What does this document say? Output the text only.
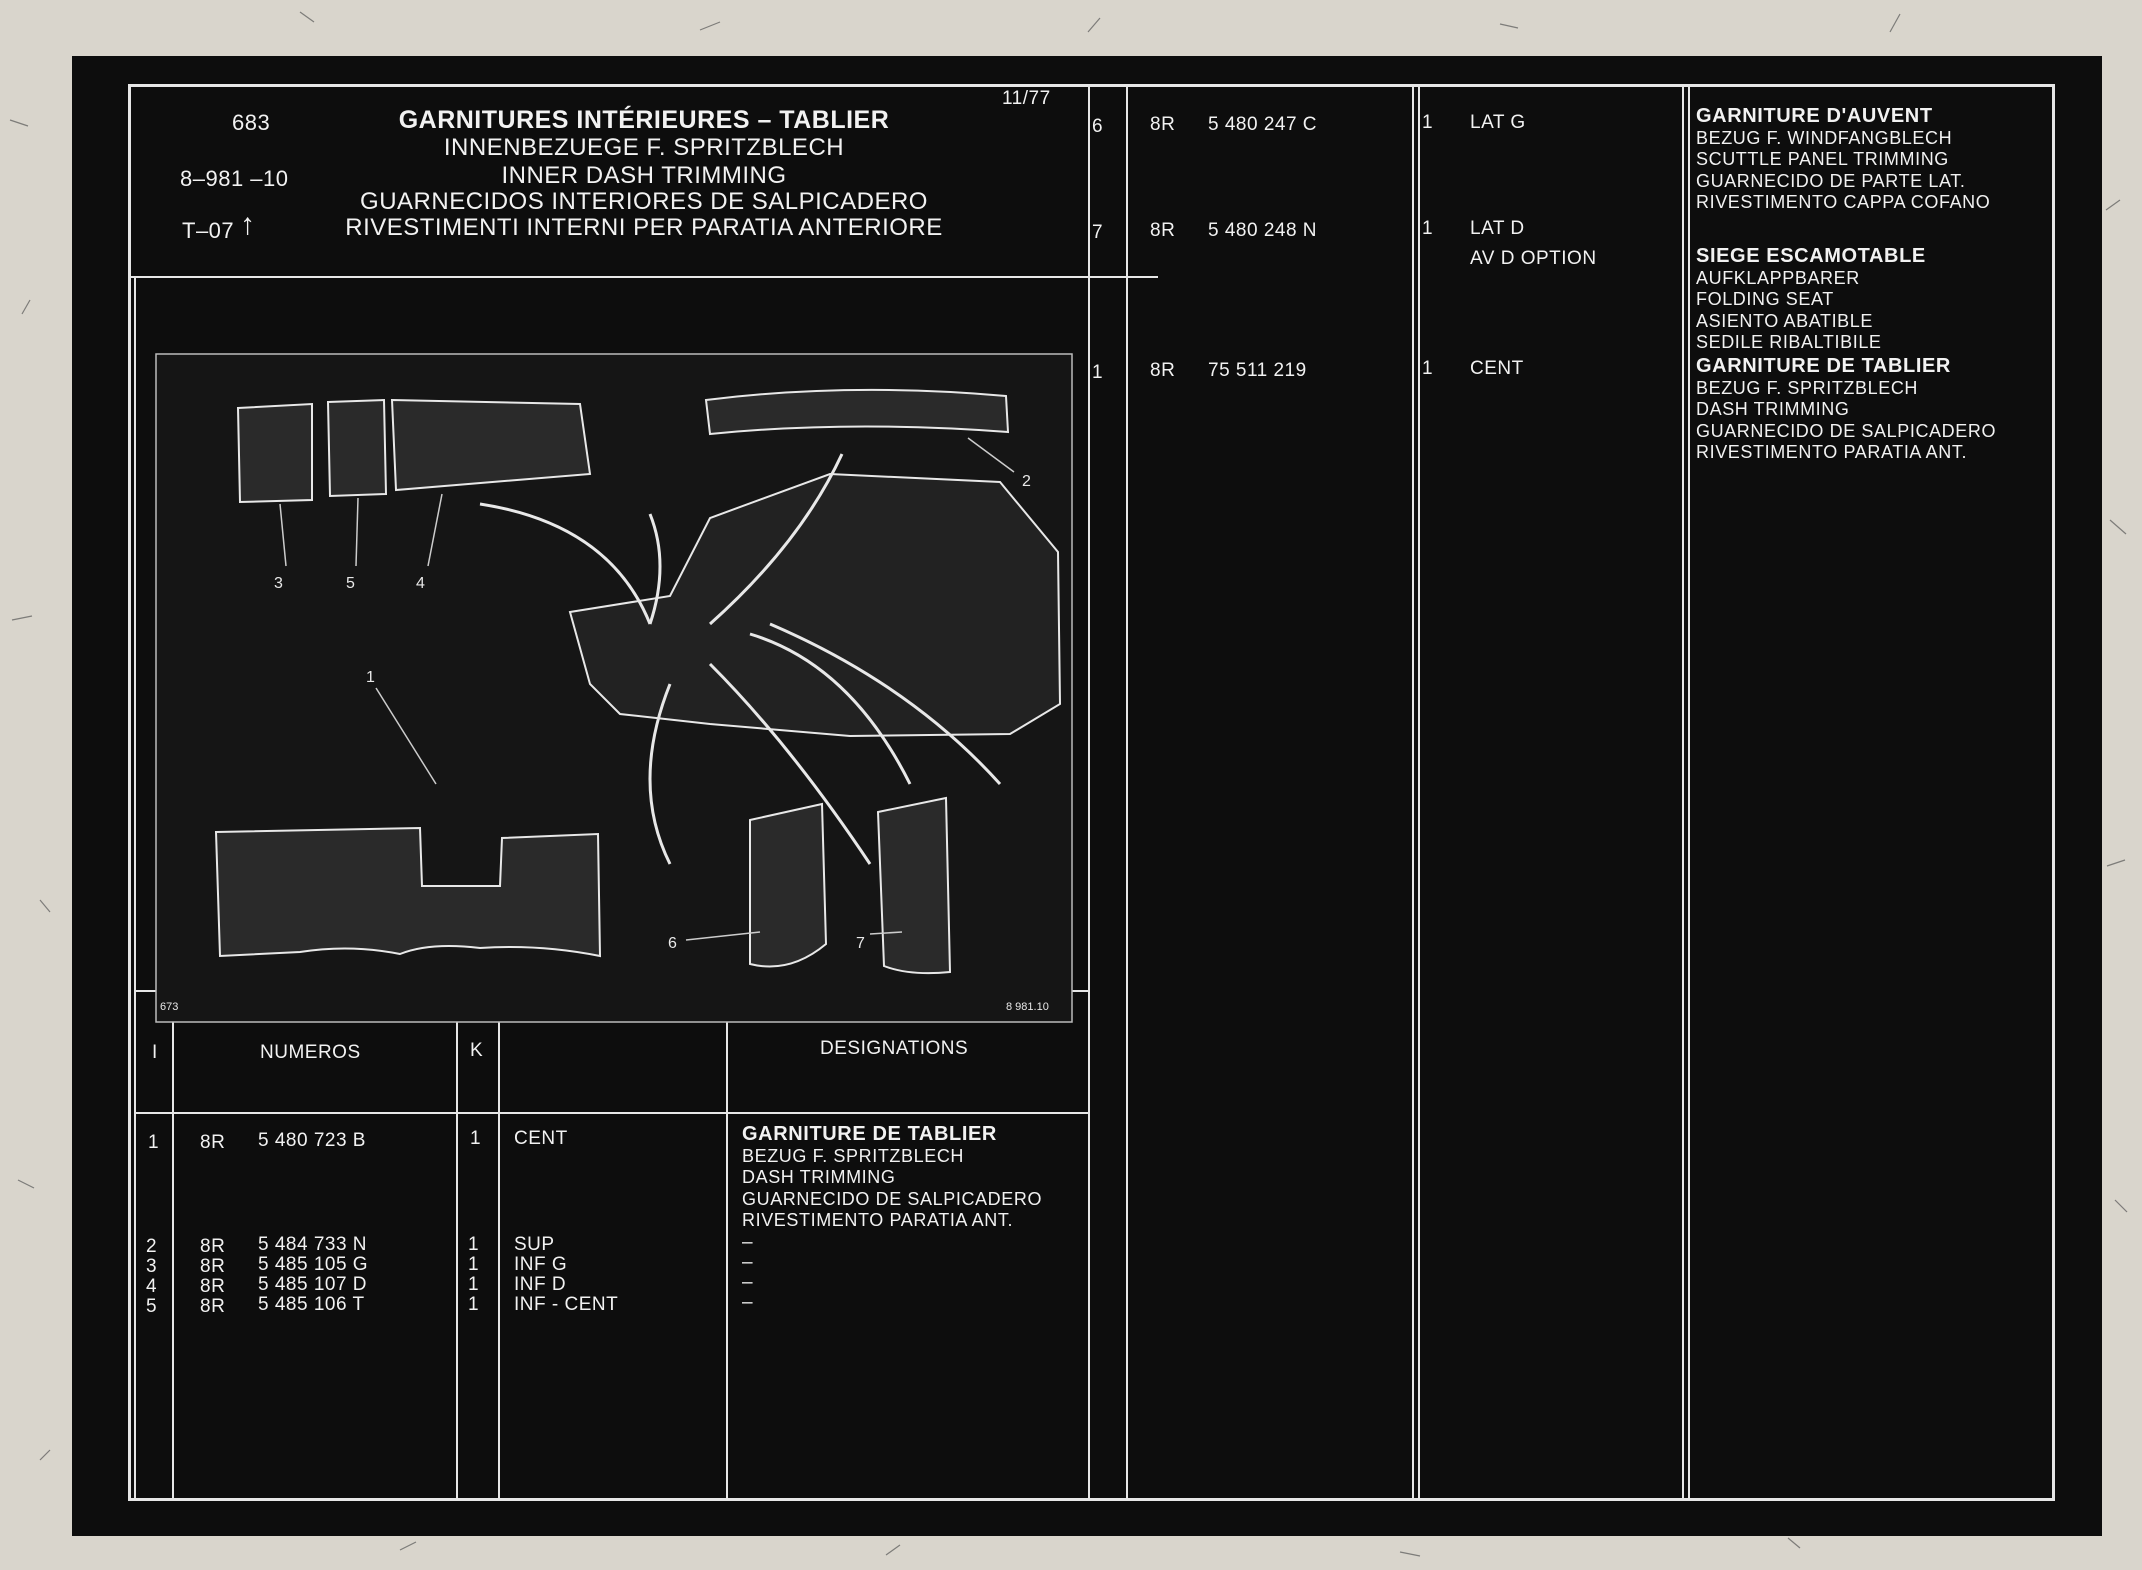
683
8–981 –10
T–07 ↑
11/77
GARNITURES INTÉRIEURES – TABLIER
INNENBEZUEGE F. SPRITZBLECH
INNER DASH TRIMMING
GUARNECIDOS INTERIORES DE SALPICADERO
RIVESTIMENTI INTERNI PER PARATIA ANTERIORE
3	5	4
2
1
6	7
673	8 981.10
I	NUMEROS	K	DESIGNATIONS
1 8R 5 480 723 B	1 CENT	GARNITURE DE TABLIER
BEZUG F. SPRITZBLECH
DASH TRIMMING
GUARNECIDO DE SALPICADERO
RIVESTIMENTO PARATIA ANT.
2 8R 5 484 733 N	1 SUP	–
3 8R 5 485 105 G	1 INF G	–
4 8R 5 485 107 D	1 INF D	–
5 8R 5 485 106 T	1 INF - CENT	–
6 8R 5 480 247 C	1 LAT G	GARNITURE D'AUVENT
BEZUG F. WINDFANGBLECH
SCUTTLE PANEL TRIMMING
GUARNECIDO DE PARTE LAT.
RIVESTIMENTO CAPPA COFANO
7 8R 5 480 248 N	1 LAT D
AV D OPTION	SIEGE ESCAMOTABLE
AUFKLAPPBARER
FOLDING SEAT
ASIENTO ABATIBLE
SEDILE RIBALTIBILE
1 8R 75 511 219	1 CENT	GARNITURE DE TABLIER
BEZUG F. SPRITZBLECH
DASH TRIMMING
GUARNECIDO DE SALPICADERO
RIVESTIMENTO PARATIA ANT.
